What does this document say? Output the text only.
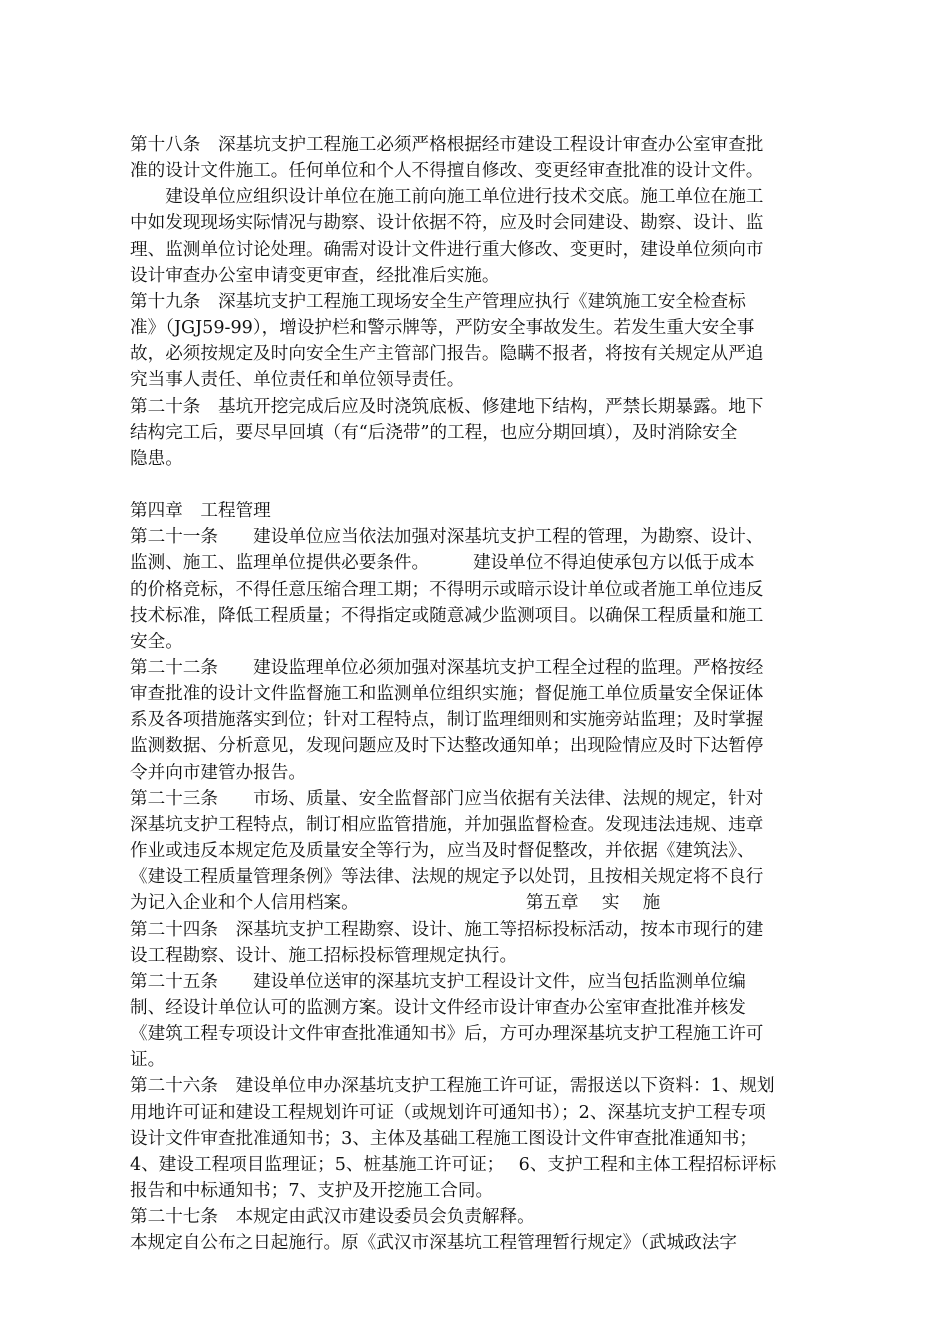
第十八条　深基坑支护工程施工必须严格根据经市建设工程设计审查办公室审查批
准的设计文件施工。任何单位和个人不得擅自修改、变更经审查批准的设计文件。
　　建设单位应组织设计单位在施工前向施工单位进行技术交底。施工单位在施工
中如发现现场实际情况与勘察、设计依据不符，应及时会同建设、勘察、设计、监
理、监测单位讨论处理。确需对设计文件进行重大修改、变更时，建设单位须向市
设计审查办公室申请变更审查，经批准后实施。
第十九条　深基坑支护工程施工现场安全生产管理应执行《建筑施工安全检查标
准》（JGJ59-99），增设护栏和警示牌等，严防安全事故发生。若发生重大安全事
故，必须按规定及时向安全生产主管部门报告。隐瞒不报者，将按有关规定从严追
究当事人责任、单位责任和单位领导责任。
第二十条　基坑开挖完成后应及时浇筑底板、修建地下结构，严禁长期暴露。地下
结构完工后，要尽早回填（有“后浇带”的工程，也应分期回填），及时消除安全
隐患。
第四章　工程管理
第二十一条　　建设单位应当依法加强对深基坑支护工程的管理，为勘察、设计、
监测、施工、监理单位提供必要条件。　　　建设单位不得迫使承包方以低于成本
的价格竞标，不得任意压缩合理工期；不得明示或暗示设计单位或者施工单位违反
技术标准，降低工程质量；不得指定或随意减少监测项目。以确保工程质量和施工
安全。
第二十二条　　建设监理单位必须加强对深基坑支护工程全过程的监理。严格按经
审查批准的设计文件监督施工和监测单位组织实施；督促施工单位质量安全保证体
系及各项措施落实到位；针对工程特点，制订监理细则和实施旁站监理；及时掌握
监测数据、分析意见，发现问题应及时下达整改通知单；出现险情应及时下达暂停
令并向市建管办报告。
第二十三条　　市场、质量、安全监督部门应当依据有关法律、法规的规定，针对
深基坑支护工程特点，制订相应监管措施，并加强监督检查。发现违法违规、违章
作业或违反本规定危及质量安全等行为，应当及时督促整改，并依据《建筑法》、
《建设工程质量管理条例》等法律、法规的规定予以处罚，且按相关规定将不良行
为记入企业和个人信用档案。　　　　　　　　　　第五章　 实　 施
第二十四条　深基坑支护工程勘察、设计、施工等招标投标活动，按本市现行的建
设工程勘察、设计、施工招标投标管理规定执行。
第二十五条　　建设单位送审的深基坑支护工程设计文件，应当包括监测单位编
制、经设计单位认可的监测方案。设计文件经市设计审查办公室审查批准并核发
《建筑工程专项设计文件审查批准通知书》后，方可办理深基坑支护工程施工许可
证。
第二十六条　建设单位申办深基坑支护工程施工许可证，需报送以下资料：1、规划
用地许可证和建设工程规划许可证（或规划许可通知书）；2、深基坑支护工程专项
设计文件审查批准通知书；3、主体及基础工程施工图设计文件审查批准通知书；
4、建设工程项目监理证；5、桩基施工许可证；　 6、支护工程和主体工程招标评标
报告和中标通知书；7、支护及开挖施工合同。
第二十七条　本规定由武汉市建设委员会负责解释。
本规定自公布之日起施行。原《武汉市深基坑工程管理暂行规定》（武城政法字
